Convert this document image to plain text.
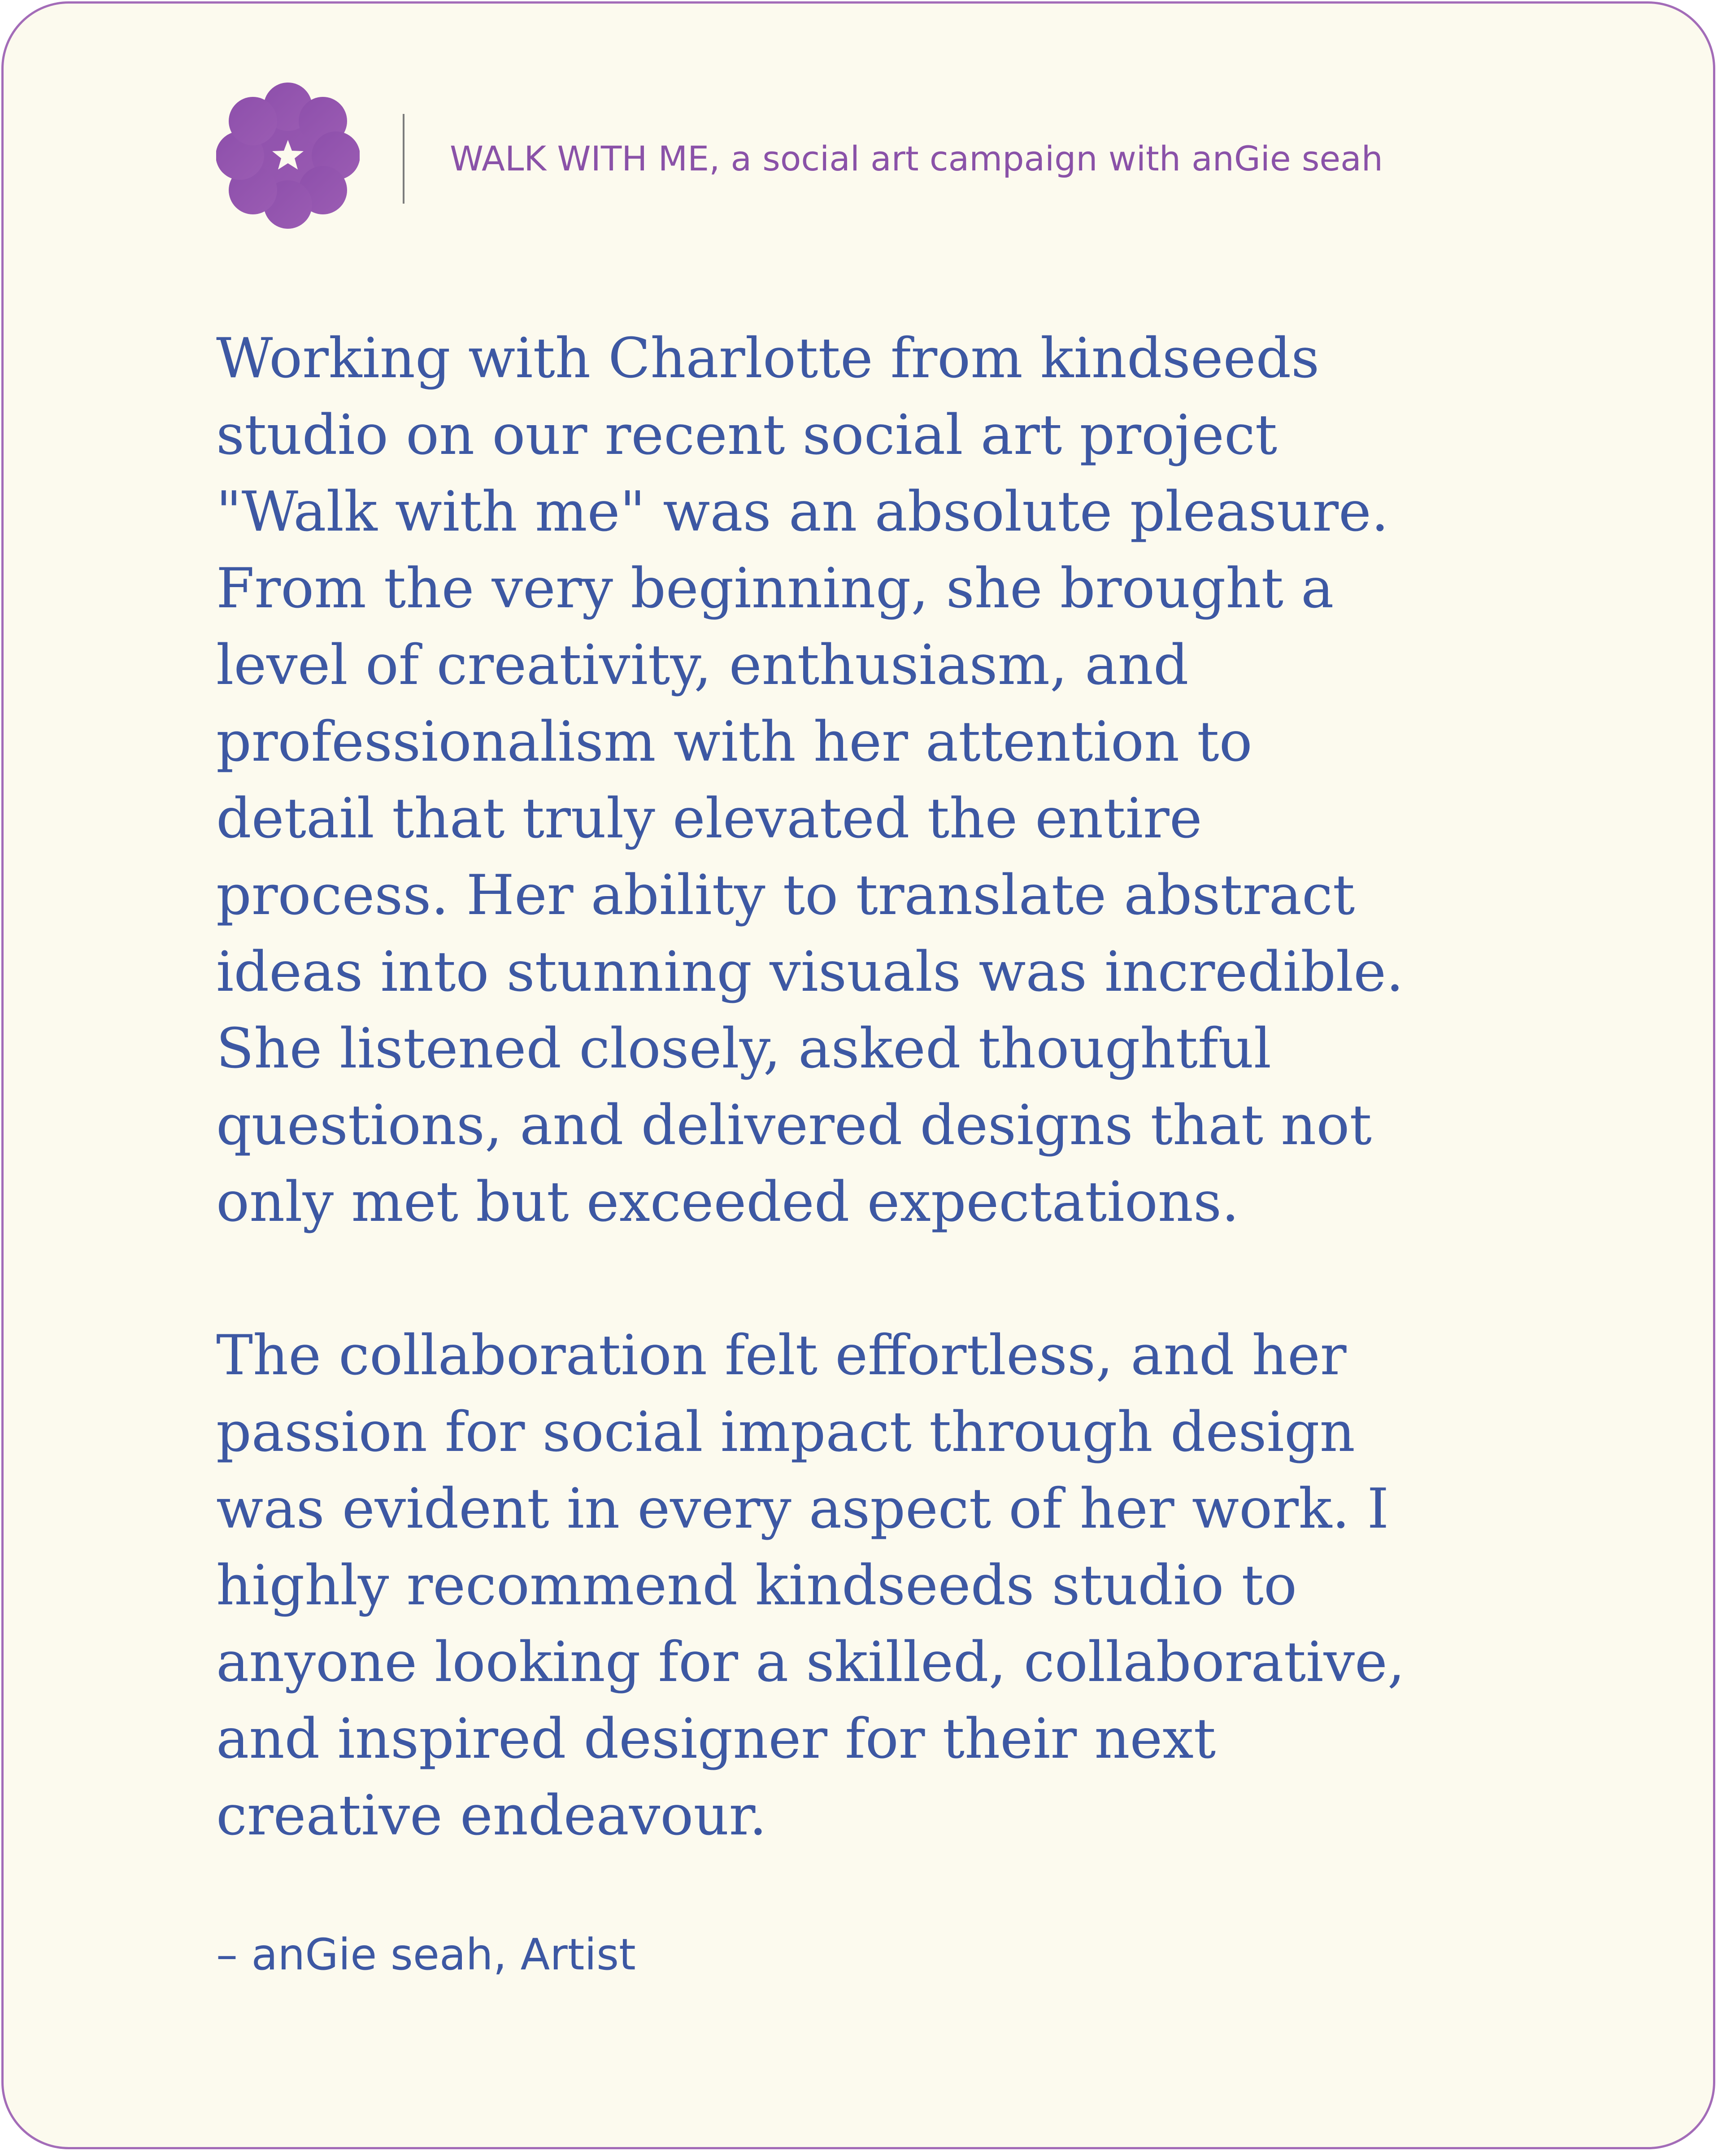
WALK WITH ME, a social art campaign with anGie seah
Working with Charlotte from kindseeds
studio on our recent social art project
"Walk with me" was an absolute pleasure.
From the very beginning, she brought a
level of creativity, enthusiasm, and
professionalism with her attention to
detail that truly elevated the entire
process. Her ability to translate abstract
ideas into stunning visuals was incredible.
She listened closely, asked thoughtful
questions, and delivered designs that not
only met but exceeded expectations.
The collaboration felt effortless, and her
passion for social impact through design
was evident in every aspect of her work. I
highly recommend kindseeds studio to
anyone looking for a skilled, collaborative,
and inspired designer for their next
creative endeavour.
– anGie seah, Artist
